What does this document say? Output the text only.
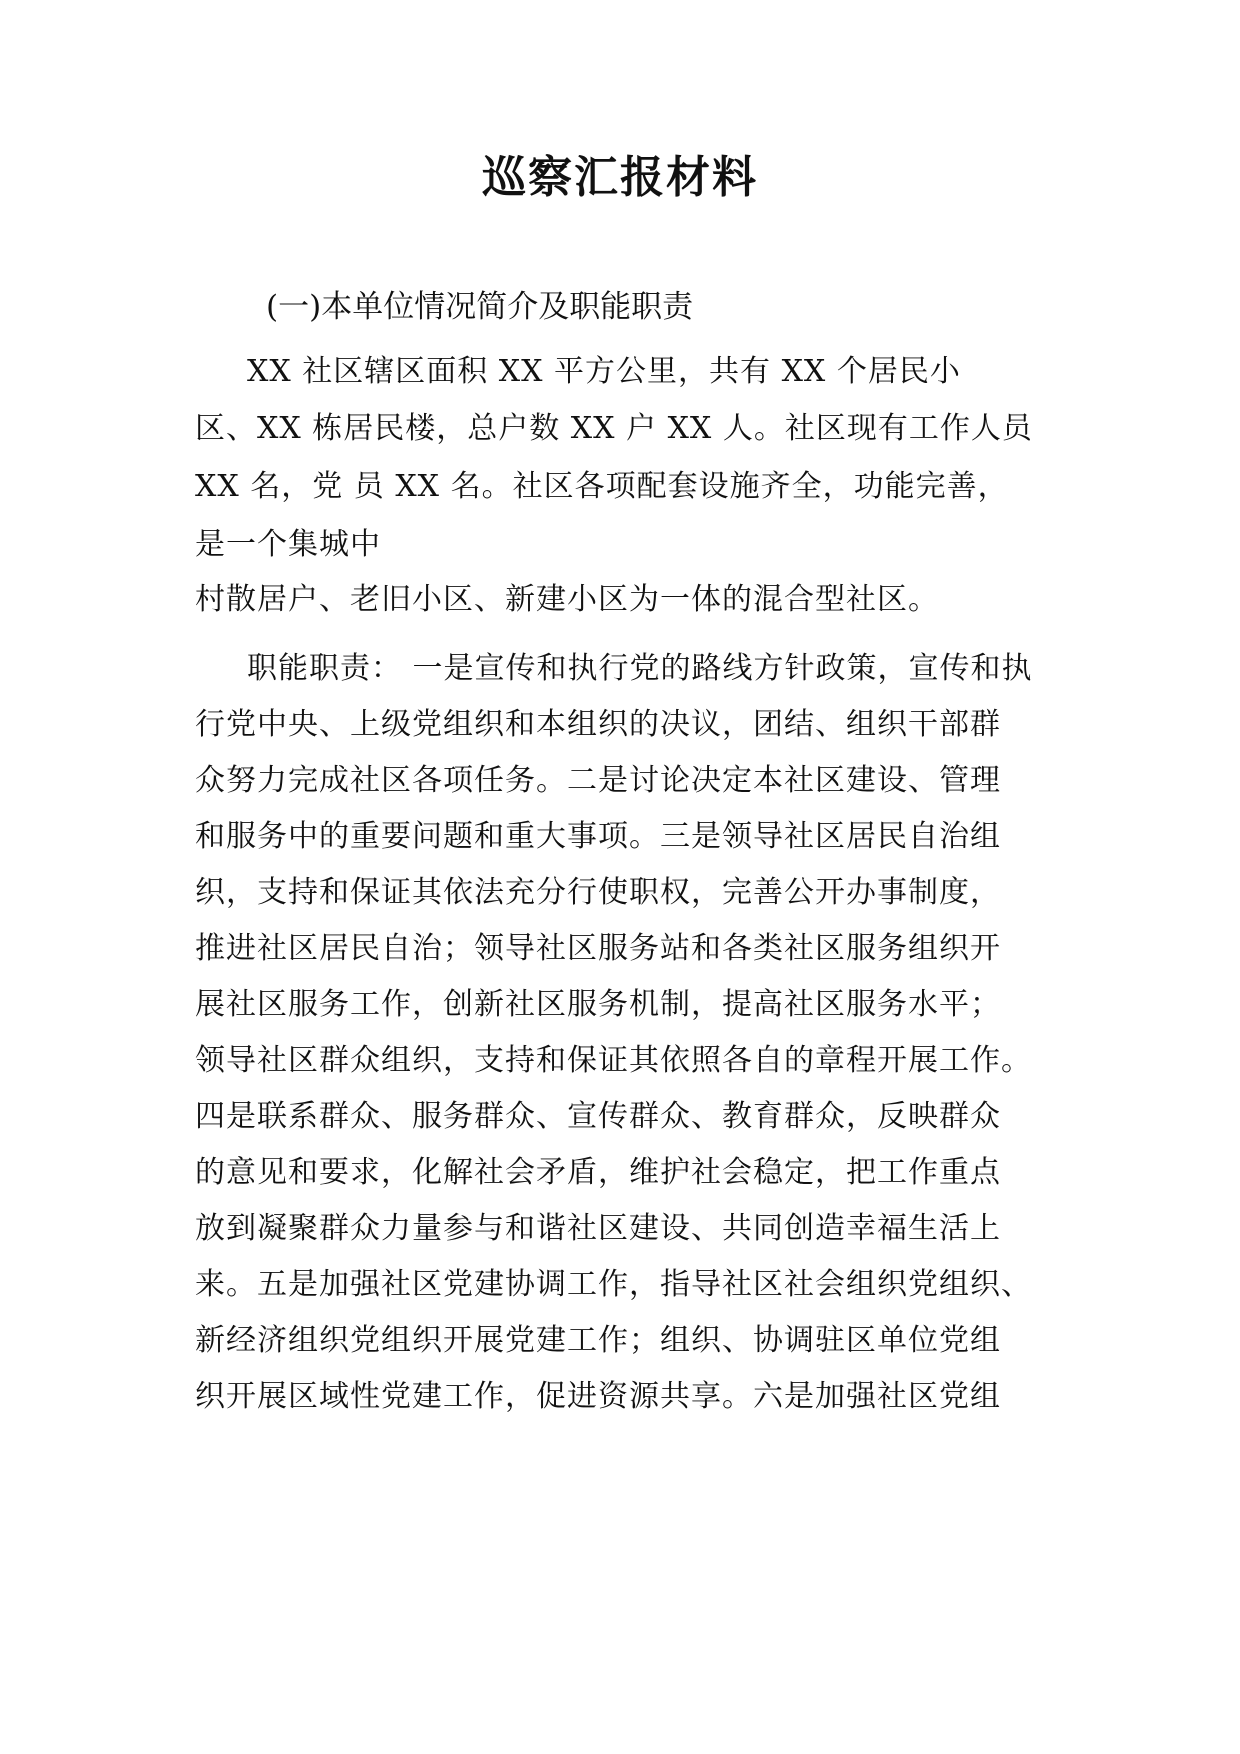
巡察汇报材料
(一)本单位情况简介及职能职责
XX 社区辖区面积 XX 平方公里，共有 XX 个居民小
区、XX 栋居民楼，总户数 XX 户 XX 人。社区现有工作人员
XX 名，党 员 XX 名。社区各项配套设施齐全，功能完善，
是一个集城中
村散居户、老旧小区、新建小区为一体的混合型社区。
职能职责： 一是宣传和执行党的路线方针政策，宣传和执
行党中央、上级党组织和本组织的决议，团结、组织干部群
众努力完成社区各项任务。二是讨论决定本社区建设、管理
和服务中的重要问题和重大事项。三是领导社区居民自治组
织，支持和保证其依法充分行使职权，完善公开办事制度，
推进社区居民自治；领导社区服务站和各类社区服务组织开
展社区服务工作，创新社区服务机制，提高社区服务水平；
领导社区群众组织，支持和保证其依照各自的章程开展工作。
四是联系群众、服务群众、宣传群众、教育群众，反映群众
的意见和要求，化解社会矛盾，维护社会稳定，把工作重点
放到凝聚群众力量参与和谐社区建设、共同创造幸福生活上
来。五是加强社区党建协调工作，指导社区社会组织党组织、
新经济组织党组织开展党建工作；组织、协调驻区单位党组
织开展区域性党建工作，促进资源共享。六是加强社区党组
